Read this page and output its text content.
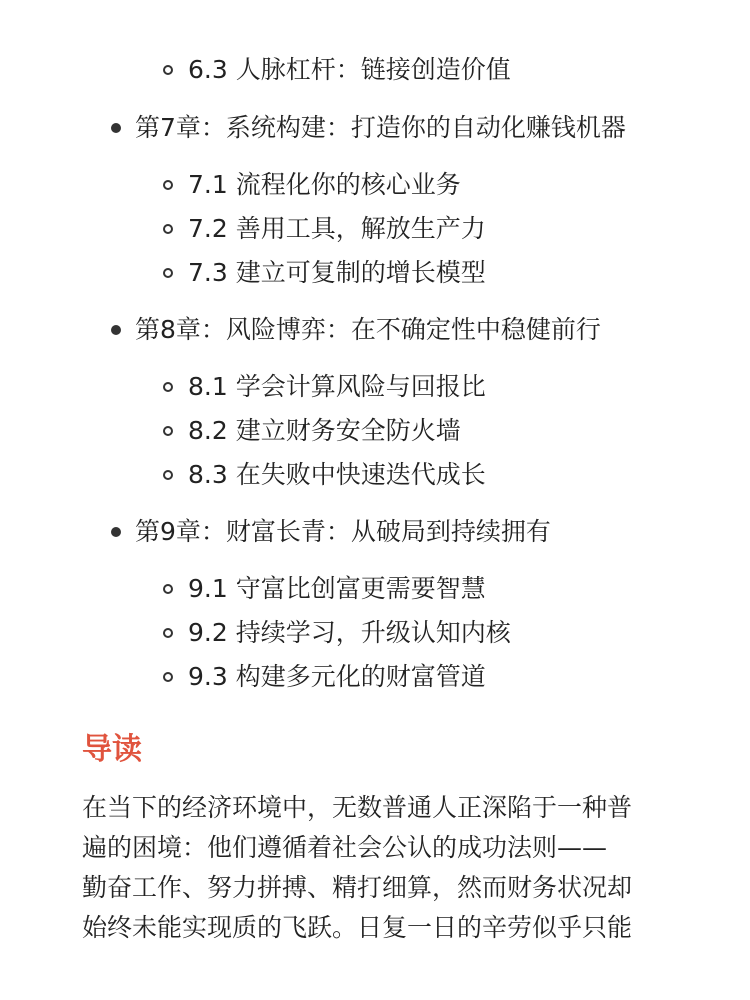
6.3 人脉杠杆：链接创造价值
第7章：系统构建：打造你的自动化赚钱机器
7.1 流程化你的核心业务
7.2 善用工具，解放生产力
7.3 建立可复制的增长模型
第8章：风险博弈：在不确定性中稳健前行
8.1 学会计算风险与回报比
8.2 建立财务安全防火墙
8.3 在失败中快速迭代成长
第9章：财富长青：从破局到持续拥有
9.1 守富比创富更需要智慧
9.2 持续学习，升级认知内核
9.3 构建多元化的财富管道
导读

在当下的经济环境中，无数普通人正深陷于一种普
遍的困境：他们遵循着社会公认的成功法则——
勤奋工作、努力拼搏、精打细算，然而财务状况却
始终未能实现质的飞跃。日复一日的辛劳似乎只能
